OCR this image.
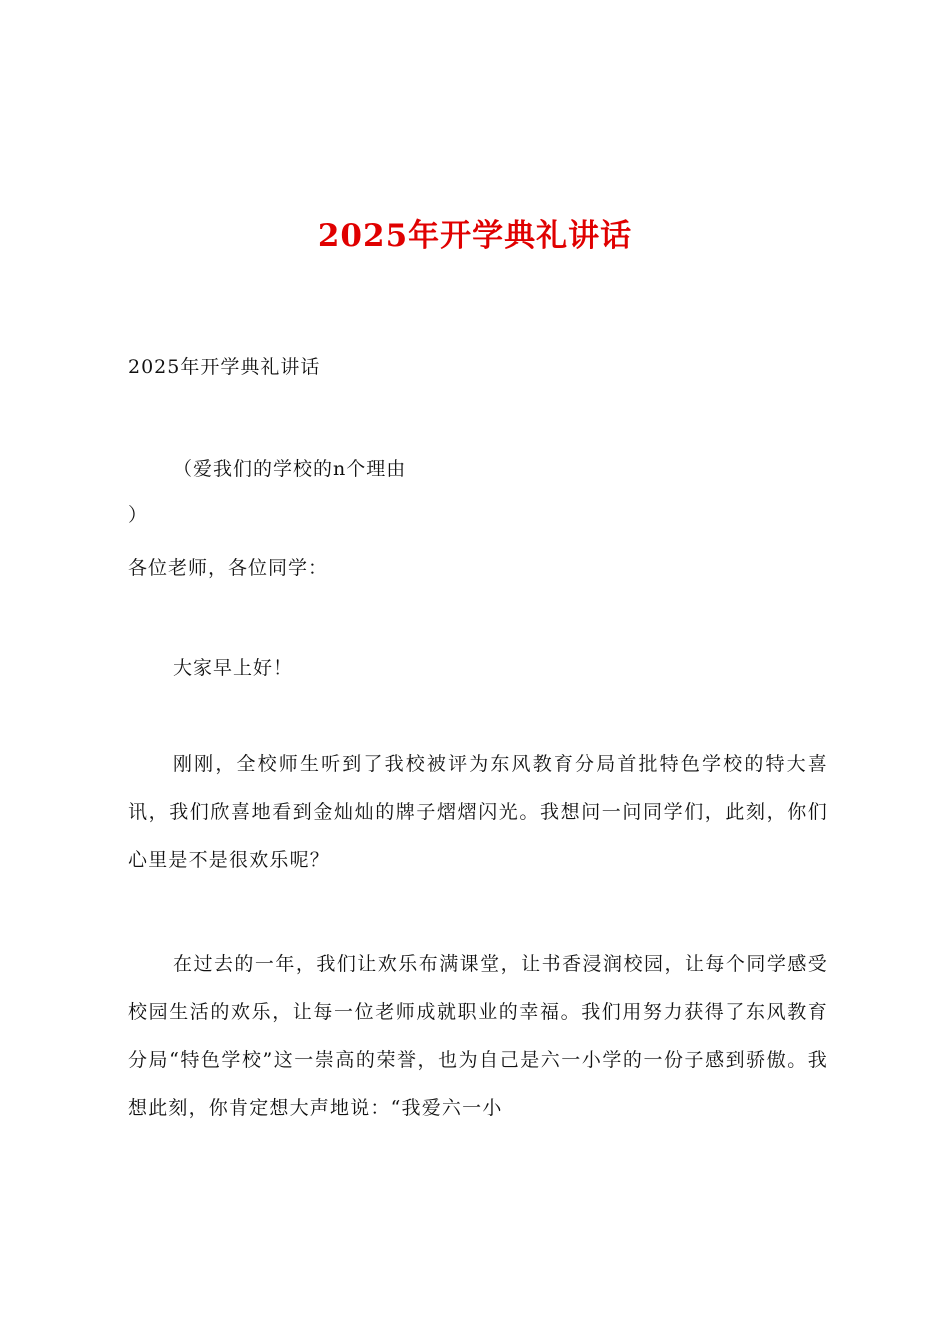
2025年开学典礼讲话
2025年开学典礼讲话
（爱我们的学校的n个理由
）
各位老师，各位同学：
大家早上好！
刚刚，全校师生听到了我校被评为东风教育分局首批特色学校的特大喜讯，我们欣喜地看到金灿灿的牌子熠熠闪光。我想问一问同学们，此刻，你们心里是不是很欢乐呢？
在过去的一年，我们让欢乐布满课堂，让书香浸润校园，让每个同学感受校园生活的欢乐，让每一位老师成就职业的幸福。我们用努力获得了东风教育分局“特色学校”这一崇高的荣誉，也为自己是六一小学的一份子感到骄傲。我想此刻，你肯定想大声地说：“我爱六一小
